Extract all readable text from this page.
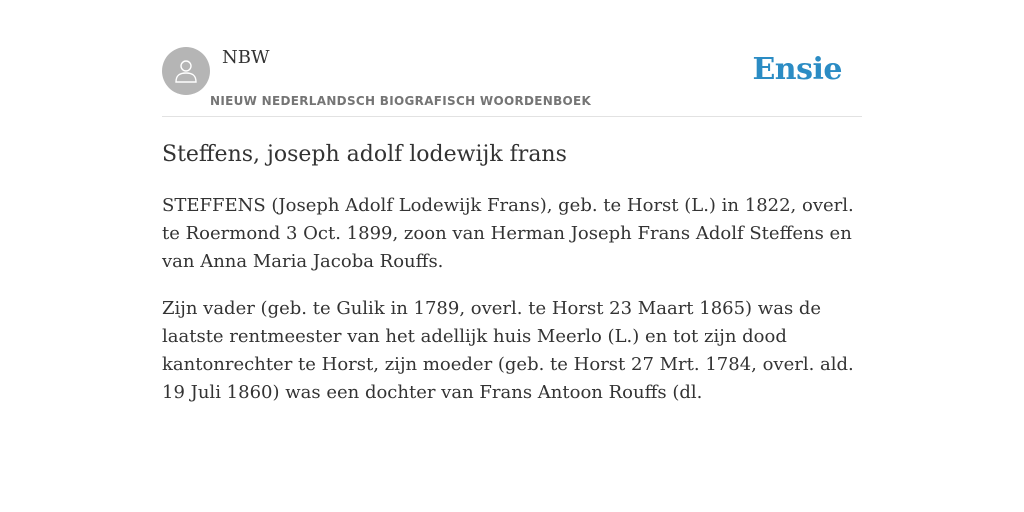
NBW
NIEUW NEDERLANDSCH BIOGRAFISCH WOORDENBOEK
Ensie
Steffens, joseph adolf lodewijk frans

STEFFENS (Joseph Adolf Lodewijk Frans), geb. te Horst (L.) in 1822, overl. te Roermond 3 Oct. 1899, zoon van Herman Joseph Frans Adolf Steffens en van Anna Maria Jacoba Rouffs.

Zijn vader (geb. te Gulik in 1789, overl. te Horst 23 Maart 1865) was de laatste rentmeester van het adellijk huis Meerlo (L.) en tot zijn dood kantonrechter te Horst, zijn moeder (geb. te Horst 27 Mrt. 1784, overl. ald. 19 Juli 1860) was een dochter van Frans Antoon Rouffs (dl.
